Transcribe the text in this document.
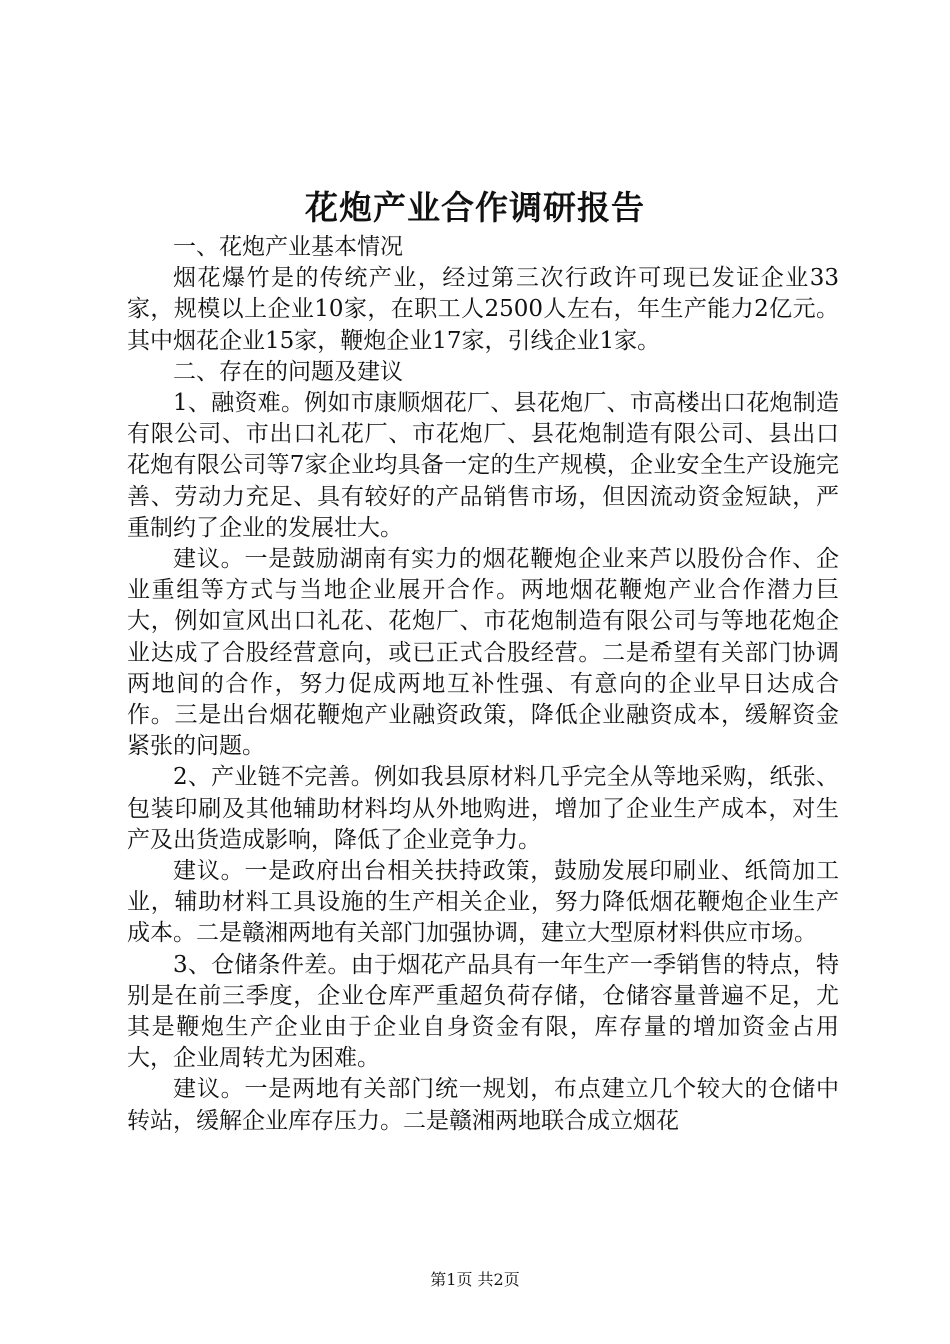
花炮产业合作调研报告

一、花炮产业基本情况

烟花爆竹是的传统产业，经过第三次行政许可现已发证企业33家，规模以上企业10家，在职工人2500人左右，年生产能力2亿元。其中烟花企业15家，鞭炮企业17家，引线企业1家。

二、存在的问题及建议

1、融资难。例如市康顺烟花厂、县花炮厂、市高楼出口花炮制造有限公司、市出口礼花厂、市花炮厂、县花炮制造有限公司、县出口花炮有限公司等7家企业均具备一定的生产规模，企业安全生产设施完善、劳动力充足、具有较好的产品销售市场，但因流动资金短缺，严重制约了企业的发展壮大。

建议。一是鼓励湖南有实力的烟花鞭炮企业来芦以股份合作、企业重组等方式与当地企业展开合作。两地烟花鞭炮产业合作潜力巨大，例如宣风出口礼花、花炮厂、市花炮制造有限公司与等地花炮企业达成了合股经营意向，或已正式合股经营。二是希望有关部门协调两地间的合作，努力促成两地互补性强、有意向的企业早日达成合作。三是出台烟花鞭炮产业融资政策，降低企业融资成本，缓解资金紧张的问题。

2、产业链不完善。例如我县原材料几乎完全从等地采购，纸张、包装印刷及其他辅助材料均从外地购进，增加了企业生产成本，对生产及出货造成影响，降低了企业竞争力。

建议。一是政府出台相关扶持政策，鼓励发展印刷业、纸筒加工业，辅助材料工具设施的生产相关企业，努力降低烟花鞭炮企业生产成本。二是赣湘两地有关部门加强协调，建立大型原材料供应市场。

3、仓储条件差。由于烟花产品具有一年生产一季销售的特点，特别是在前三季度，企业仓库严重超负荷存储，仓储容量普遍不足，尤其是鞭炮生产企业由于企业自身资金有限，库存量的增加资金占用大，企业周转尤为困难。

建议。一是两地有关部门统一规划，布点建立几个较大的仓储中转站，缓解企业库存压力。二是赣湘两地联合成立烟花

第1页 共2页
